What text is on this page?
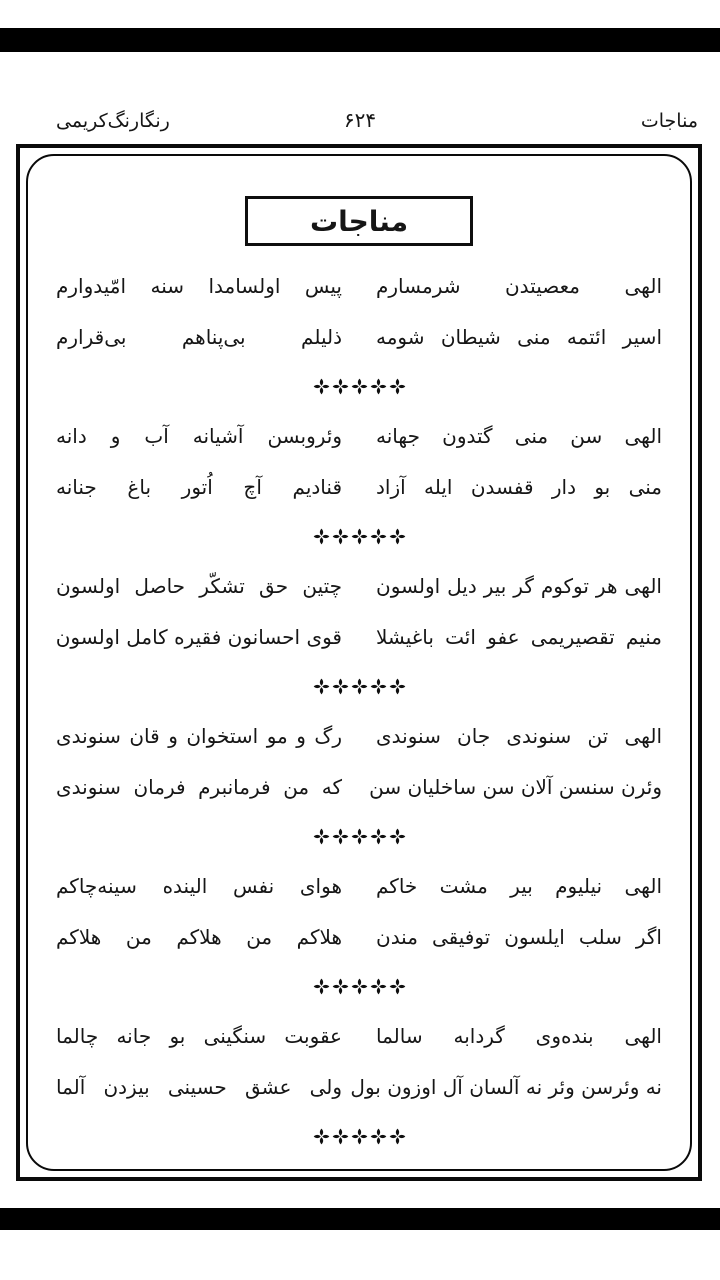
مناجات
۶۲۴
رنگارنگ‌کریمی
مناجات
الهی معصیتدن شرمسارم
پیس اولسامدا سنه امّیدوارم
اسیر ائتمه منی شیطان شومه
ذلیلم بی‌پناهم بی‌قرارم
الهی سن منی گتدون جهانه
وئروبسن آشیانه آب و دانه
منی بو دار قفسدن ایله آزاد
قنادیم آچ اُتور باغ جنانه
الهی هر توکوم گر بیر دیل اولسون
چتین حق تشکّر حاصل اولسون
منیم تقصیریمی عفو ائت باغیشلا
قوی احسانون فقیره کامل اولسون
الهی تن سنوندی جان سنوندی
رگ و مو استخوان و قان سنوندی
وئرن سنسن آلان سن ساخلیان سن
که من فرمانبرم فرمان سنوندی
الهی نیلیوم بیر مشت خاکم
هوای نفس الینده سینه‌چاکم
اگر سلب ایلسون توفیقی مندن
هلاکم من هلاکم من هلاکم
الهی بنده‌وی گردابه سالما
عقوبت سنگینی بو جانه چالما
نه وئرسن وئر نه آلسان آل اوزون بول
ولی عشق حسینی بیزدن آلما
